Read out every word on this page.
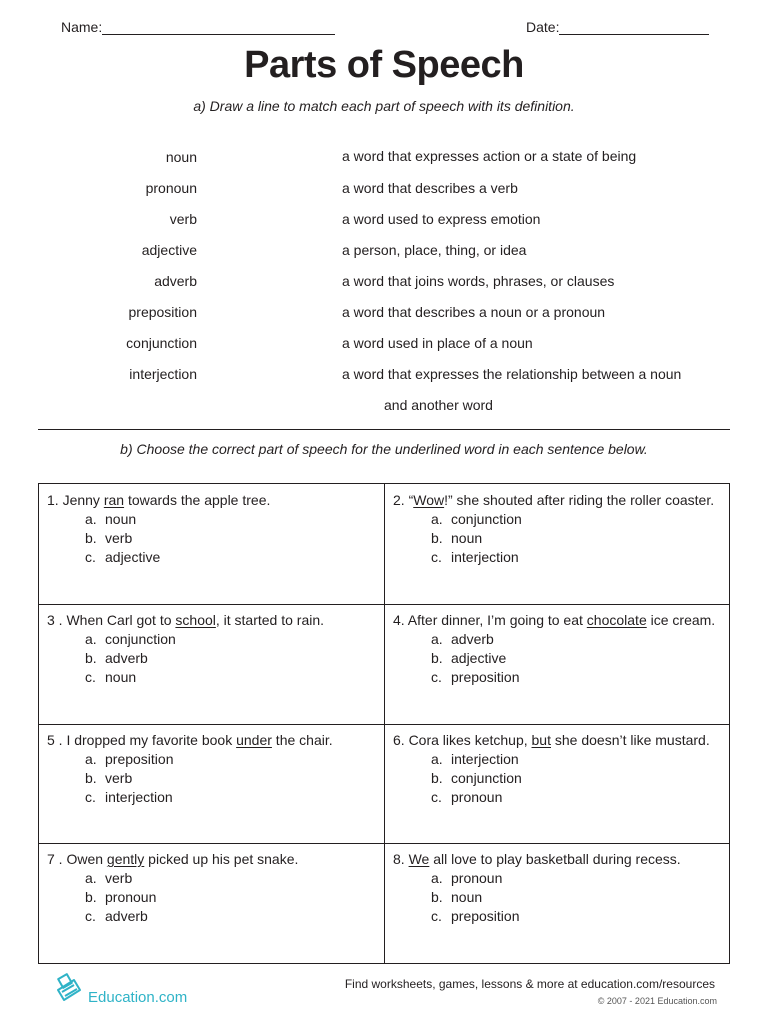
Name:	Date:
Parts of Speech
a) Draw a line to match each part of speech with its definition.
noun
pronoun
verb
adjective
adverb
preposition
conjunction
interjection
a word that expresses action or a state of being
a word that describes a verb
a word used to express emotion
a person, place, thing, or idea
a word that joins words, phrases, or clauses
a word that describes a noun or a pronoun
a word used in place of a noun
a word that expresses the relationship between a noun
and another word
b) Choose the correct part of speech for the underlined word in each sentence below.
1. Jenny ran towards the apple tree.
a. noun
b. verb
c. adjective
2. “Wow!” she shouted after riding the roller coaster.
a. conjunction
b. noun
c. interjection
3 . When Carl got to school, it started to rain.
a. conjunction
b. adverb
c. noun
4. After dinner, I’m going to eat chocolate ice cream.
a. adverb
b. adjective
c. preposition
5 . I dropped my favorite book under the chair.
a. preposition
b. verb
c. interjection
6. Cora likes ketchup, but she doesn’t like mustard.
a. interjection
b. conjunction
c. pronoun
7 . Owen gently picked up his pet snake.
a. verb
b. pronoun
c. adverb
8. We all love to play basketball during recess.
a. pronoun
b. noun
c. preposition
Education.com
Find worksheets, games, lessons & more at education.com/resources
© 2007 - 2021 Education.com
